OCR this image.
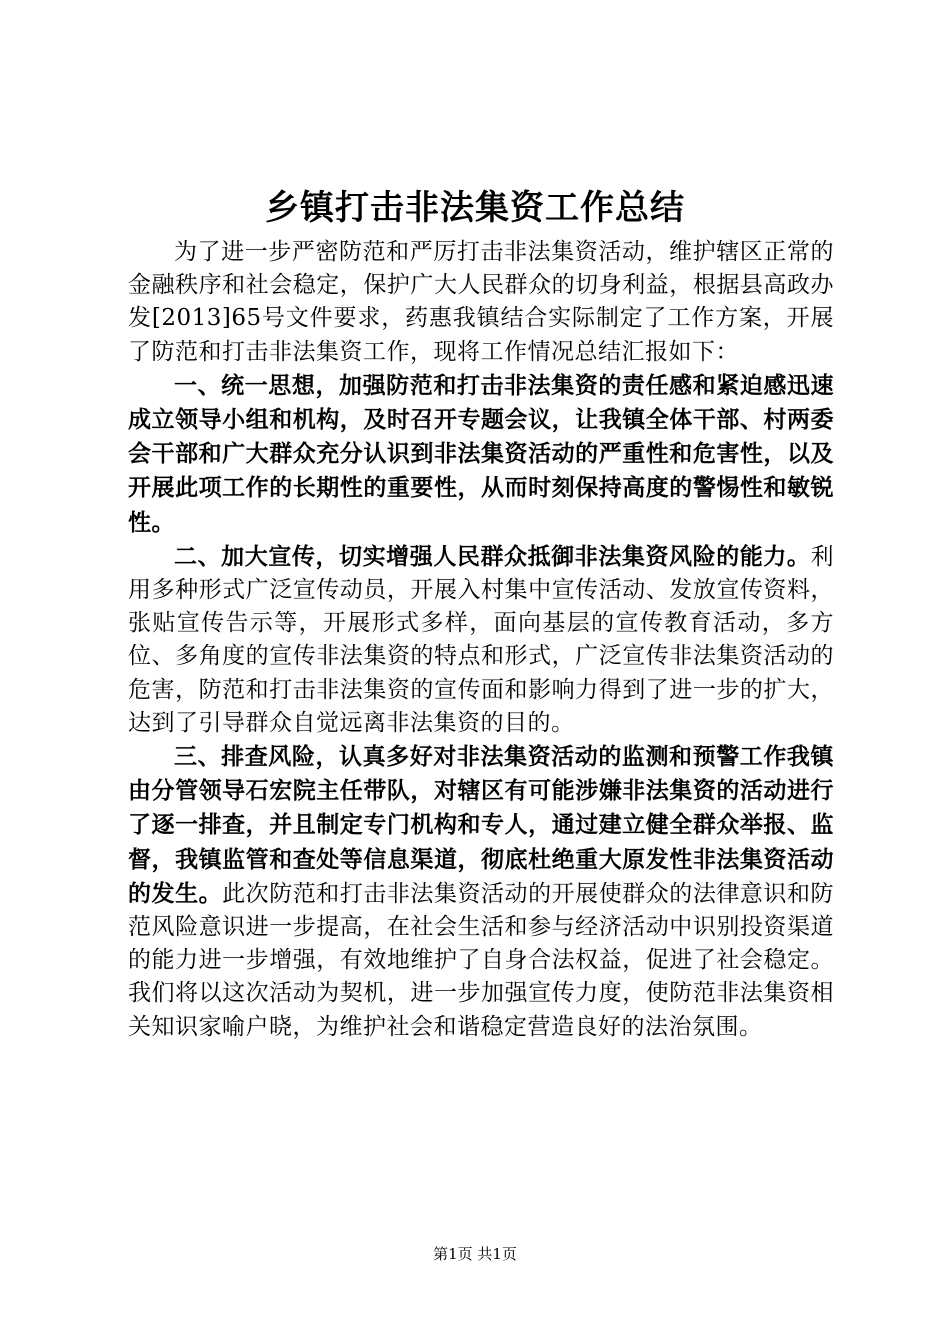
乡镇打击非法集资工作总结

为了进一步严密防范和严厉打击非法集资活动，维护辖区正常的金融秩序和社会稳定，保护广大人民群众的切身利益，根据县高政办发[2013]65号文件要求，药惠我镇结合实际制定了工作方案，开展了防范和打击非法集资工作，现将工作情况总结汇报如下：

一、统一思想，加强防范和打击非法集资的责任感和紧迫感迅速成立领导小组和机构，及时召开专题会议，让我镇全体干部、村两委会干部和广大群众充分认识到非法集资活动的严重性和危害性，以及开展此项工作的长期性的重要性，从而时刻保持高度的警惕性和敏锐性。

二、加大宣传，切实增强人民群众抵御非法集资风险的能力。利用多种形式广泛宣传动员，开展入村集中宣传活动、发放宣传资料，张贴宣传告示等，开展形式多样，面向基层的宣传教育活动，多方位、多角度的宣传非法集资的特点和形式，广泛宣传非法集资活动的危害，防范和打击非法集资的宣传面和影响力得到了进一步的扩大，达到了引导群众自觉远离非法集资的目的。

三、排查风险，认真多好对非法集资活动的监测和预警工作我镇由分管领导石宏院主任带队，对辖区有可能涉嫌非法集资的活动进行了逐一排查，并且制定专门机构和专人，通过建立健全群众举报、监督，我镇监管和查处等信息渠道，彻底杜绝重大原发性非法集资活动的发生。此次防范和打击非法集资活动的开展使群众的法律意识和防范风险意识进一步提高，在社会生活和参与经济活动中识别投资渠道的能力进一步增强，有效地维护了自身合法权益，促进了社会稳定。我们将以这次活动为契机，进一步加强宣传力度，使防范非法集资相关知识家喻户晓，为维护社会和谐稳定营造良好的法治氛围。

第1页 共1页
